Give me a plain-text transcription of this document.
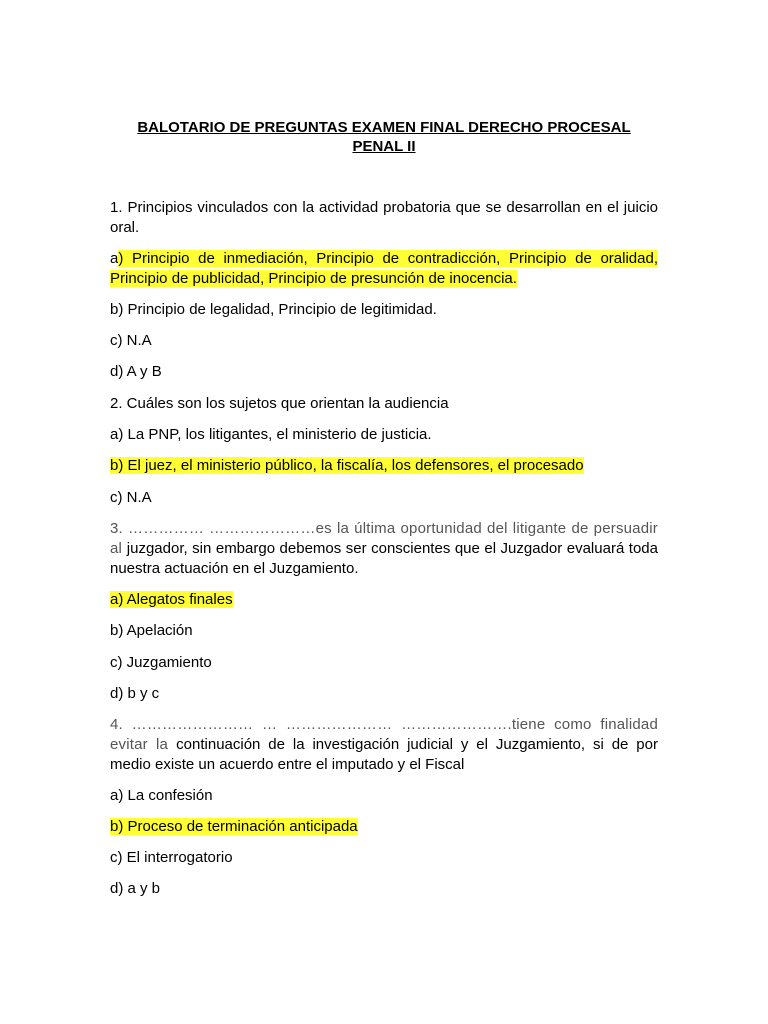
BALOTARIO DE PREGUNTAS EXAMEN FINAL DERECHO PROCESAL
PENAL II
1. Principios vinculados con la actividad probatoria que se desarrollan en el juicio oral.
a) Principio de inmediación, Principio de contradicción, Principio de oralidad, Principio de publicidad, Principio de presunción de inocencia.
b) Principio de legalidad, Principio de legitimidad.
c) N.A
d) A y B
2. Cuáles son los sujetos que orientan la audiencia
a) La PNP, los litigantes, el ministerio de justicia.
b) El juez, el ministerio público, la fiscalía, los defensores, el procesado
c) N.A
3. …………… …………………es la última oportunidad del litigante de persuadir al juzgador, sin embargo debemos ser conscientes que el Juzgador evaluará toda nuestra actuación en el Juzgamiento.
a) Alegatos finales
b) Apelación
c) Juzgamiento
d) b y c
4. …………………… … ………………… ………………….tiene como finalidad evitar la continuación de la investigación judicial y el Juzgamiento, si de por medio existe un acuerdo entre el imputado y el Fiscal
a) La confesión
b) Proceso de terminación anticipada
c) El interrogatorio
d) a y b
